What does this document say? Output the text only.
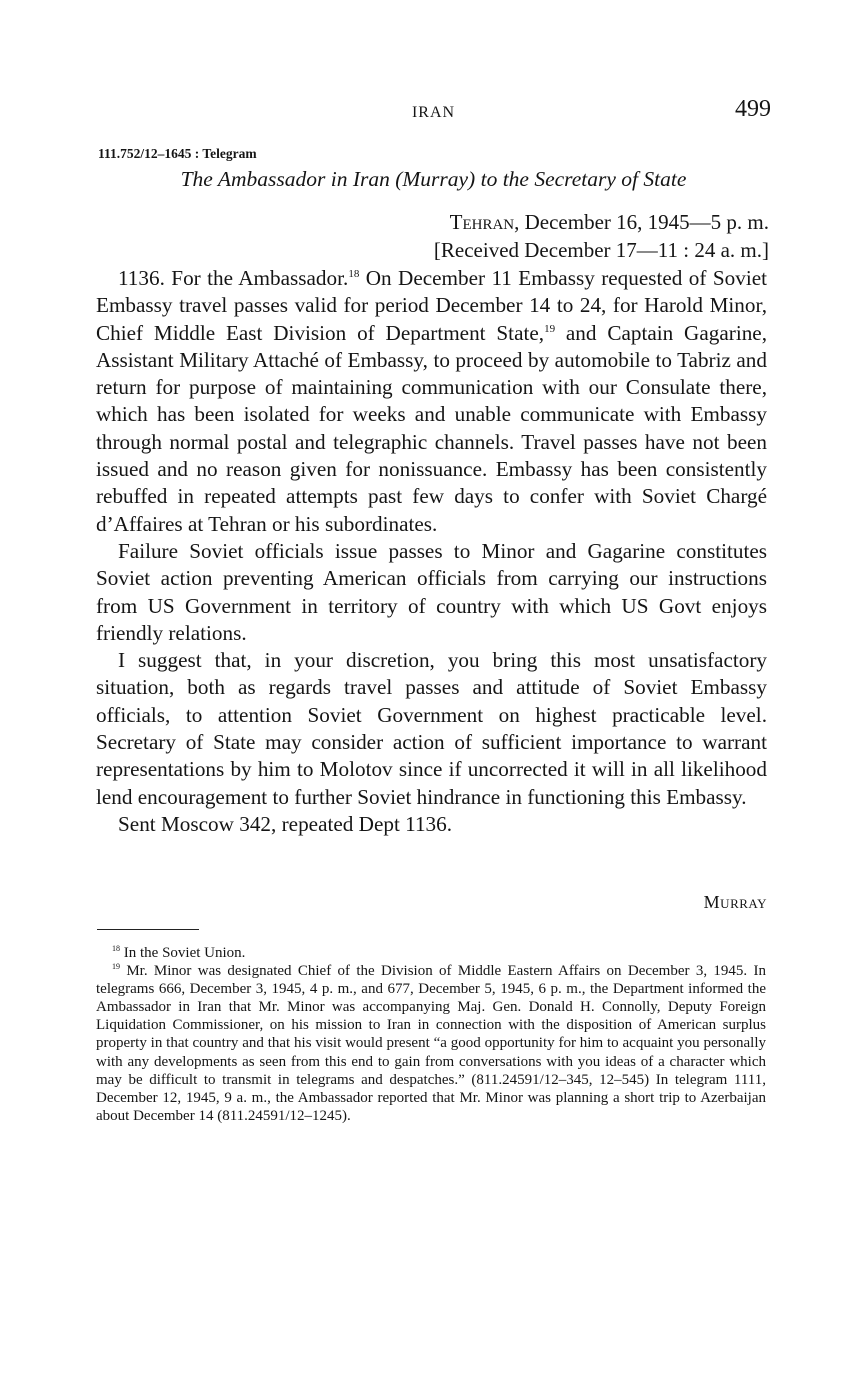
IRAN	499
111.752/12–1645 : Telegram
The Ambassador in Iran (Murray) to the Secretary of State
Tehran, December 16, 1945—5 p. m.
[Received December 17—11 : 24 a. m.]

1136. For the Ambassador.$^{18}$ On December 11 Embassy requested of Soviet Embassy travel passes valid for period December 14 to 24, for Harold Minor, Chief Middle East Division of Department State,$^{19}$ and Captain Gagarine, Assistant Military Attaché of Embassy, to proceed by automobile to Tabriz and return for purpose of maintaining communication with our Consulate there, which has been isolated for weeks and unable communicate with Embassy through normal postal and telegraphic channels. Travel passes have not been issued and no reason given for nonissuance. Embassy has been consistently rebuffed in repeated attempts past few days to confer with Soviet Chargé d’Affaires at Tehran or his subordinates.

Failure Soviet officials issue passes to Minor and Gagarine constitutes Soviet action preventing American officials from carrying our instructions from US Government in territory of country with which US Govt enjoys friendly relations.

I suggest that, in your discretion, you bring this most unsatisfactory situation, both as regards travel passes and attitude of Soviet Embassy officials, to attention Soviet Government on highest practicable level. Secretary of State may consider action of sufficient importance to warrant representations by him to Molotov since if uncorrected it will in all likelihood lend encouragement to further Soviet hindrance in functioning this Embassy.

Sent Moscow 342, repeated Dept 1136.

Murray

$^{18}$ In the Soviet Union.

$^{19}$ Mr. Minor was designated Chief of the Division of Middle Eastern Affairs on December 3, 1945. In telegrams 666, December 3, 1945, 4 p. m., and 677, December 5, 1945, 6 p. m., the Department informed the Ambassador in Iran that Mr. Minor was accompanying Maj. Gen. Donald H. Connolly, Deputy Foreign Liquidation Commissioner, on his mission to Iran in connection with the disposition of American surplus property in that country and that his visit would present “a good opportunity for him to acquaint you personally with any developments as seen from this end to gain from conversations with you ideas of a character which may be difficult to transmit in telegrams and despatches.” (811.24591/12–345, 12–545) In telegram 1111, December 12, 1945, 9 a. m., the Ambassador reported that Mr. Minor was planning a short trip to Azerbaijan about December 14 (811.24591/12–1245).
